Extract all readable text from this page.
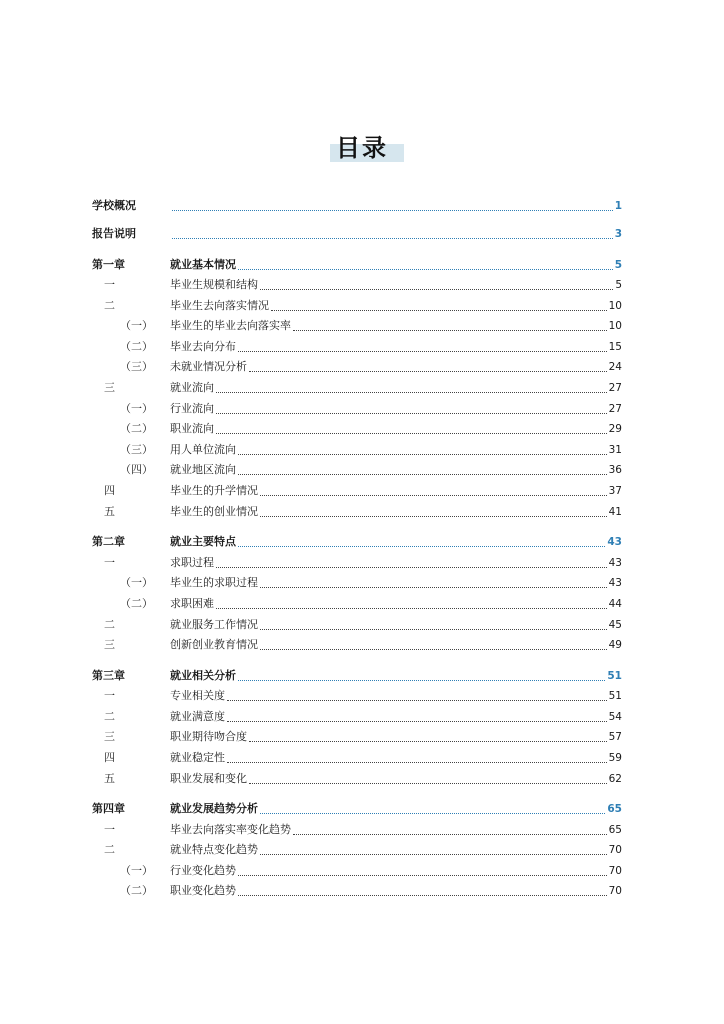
目录
学校概况	1
报告说明	3
第一章	就业基本情况	5
一	毕业生规模和结构	5
二	毕业生去向落实情况	10
（一） 毕业生的毕业去向落实率	10
（二） 毕业去向分布	15
（三） 未就业情况分析	24
三	就业流向	27
（一） 行业流向	27
（二） 职业流向	29
（三） 用人单位流向	31
（四） 就业地区流向	36
四	毕业生的升学情况	37
五	毕业生的创业情况	41
第二章	就业主要特点	43
一	求职过程	43
（一） 毕业生的求职过程	43
（二） 求职困难	44
二	就业服务工作情况	45
三	创新创业教育情况	49
第三章	就业相关分析	51
一	专业相关度	51
二	就业满意度	54
三	职业期待吻合度	57
四	就业稳定性	59
五	职业发展和变化	62
第四章	就业发展趋势分析	65
一	毕业去向落实率变化趋势	65
二	就业特点变化趋势	70
（一） 行业变化趋势	70
（二） 职业变化趋势	70
